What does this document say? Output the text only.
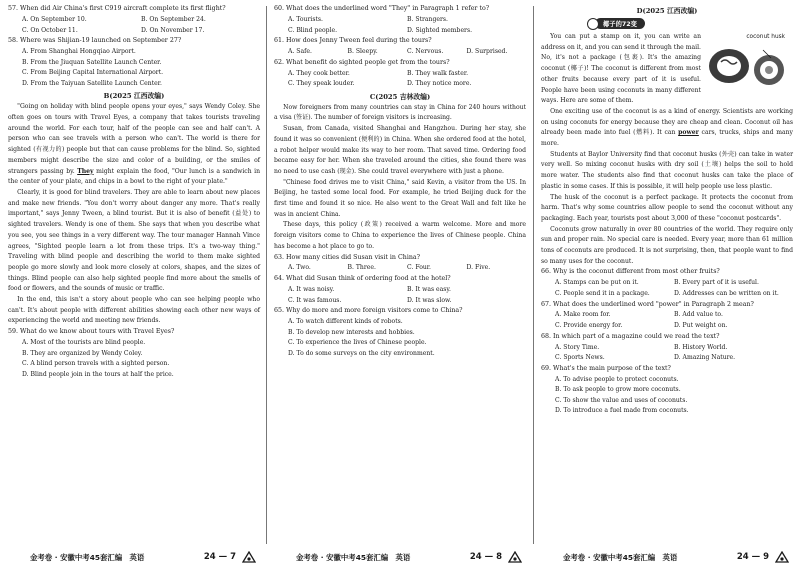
57. When did Air China's first C919 aircraft complete its first flight?

A. On September 10.	B. On September 24.
C. On October 11.	D. On November 17.

58. Where was Shijian-19 launched on September 27?

A. From Shanghai Hongqiao Airport.
B. From the Jiuquan Satellite Launch Center.
C. From Beijing Capital International Airport.
D. From the Taiyuan Satellite Launch Center.
B(2025 江西改编)

"Going on holiday with blind people opens your eyes," says Wendy Coley. She often goes on tours with Travel Eyes, a company that takes tourists traveling around the world. For each tour, half of the people can see and half can't. A person who can see travels with a person who can't. The world is there for sighted (有视力的) people but that can cause problems for the blind. So, sighted members might describe the size and color of a building, or the smiles of strangers passing by. They might explain the food, "Our lunch is a sandwich in the center of your plate, and chips in a bowl to the right of your plate."

Clearly, it is good for blind travelers. They are able to learn about new places and make new friends. "You don't worry about danger any more. That's really important," says Jenny Tween, a blind tourist. But it is also of benefit (益处) to sighted travelers. Wendy is one of them. She says that when you describe what you see, you see things in a very different way. The tour manager Hannah Vince agrees, "Sighted people learn a lot from these trips. It's a two-way thing." Traveling with blind people and describing the world to them make sighted people go more slowly and look more closely at colors, shapes, and the sizes of things. Blind people can also help sighted people find more about the smells of food or flowers, and the sounds of music or traffic.

In the end, this isn't a story about people who can see helping people who can't. It's about people with different abilities showing each other new ways of experiencing the world and meeting new friends.

59. What do we know about tours with Travel Eyes?

A. Most of the tourists are blind people.
B. They are organized by Wendy Coley.
C. A blind person travels with a sighted person.
D. Blind people join in the tours at half the price.
金考卷 · 安徽中考45套汇编　英语	24 — 7

60. What does the underlined word "They" in Paragraph 1 refer to?

A. Tourists.	B. Strangers.
C. Blind people.	D. Sighted members.

61. How does Jenny Tween feel during the tours?

A. Safe.	B. Sleepy.	C. Nervous.	D. Surprised.

62. What benefit do sighted people get from the tours?

A. They cook better.	B. They walk faster.
C. They speak louder.	D. They notice more.
C(2025 吉林改编)

Now foreigners from many countries can stay in China for 240 hours without a visa (签证). The number of foreign visitors is increasing.

Susan, from Canada, visited Shanghai and Hangzhou. During her stay, she found it was so convenient (便利的) in China. When she ordered food at the hotel, a robot helper would make its way to her room. That saved time. Ordering food became easy for her. When she traveled around the cities, she found there was no need to use cash (现金). She could travel everywhere with just a phone.

"Chinese food drives me to visit China," said Kevin, a visitor from the US. In Beijing, he tasted some local food. For example, he tried Beijing duck for the first time and found it so nice. He also went to the Great Wall and felt like he was in ancient China.

These days, this policy (政策) received a warm welcome. More and more foreign visitors come to China to experience the lives of Chinese people. China has become a hot place to go to.

63. How many cities did Susan visit in China?

A. Two.	B. Three.	C. Four.	D. Five.

64. What did Susan think of ordering food at the hotel?

A. It was noisy.	B. It was easy.
C. It was famous.	D. It was slow.

65. Why do more and more foreign visitors come to China?

A. To watch different kinds of robots.
B. To develop new interests and hobbies.
C. To experience the lives of Chinese people.
D. To do some surveys on the city environment.
金考卷 · 安徽中考45套汇编　英语	24 — 8
D(2025 江西改编)
椰子的72变
coconut husk

You can put a stamp on it, you can write an address on it, and you can send it through the mail. No, it's not a package (包裹). It's the amazing coconut (椰子)! The coconut is different from most other fruits because every part of it is useful. People have been using coconuts in many different ways. Here are some of them.

One exciting use of the coconut is as a kind of energy. Scientists are working on using coconuts for energy because they are cheap and clean. Coconut oil has already been made into fuel (燃料). It can power cars, trucks, ships and many more.

Students at Baylor University find that coconut husks (外壳) can take in water very well. So mixing coconut husks with dry soil (土壤) helps the soil to hold more water. The students also find that coconut husks can take the place of plastic in some cases. If this is possible, it will help people use less plastic.

The husk of the coconut is a perfect package. It protects the coconut from harm. That's why some countries allow people to send the coconut without any packaging. Each year, tourists post about 3,000 of these "coconut postcards".

Coconuts grow naturally in over 80 countries of the world. They require only sun and proper rain. No special care is needed. Every year, more than 61 million tons of coconuts are produced. It is not surprising, then, that people want to find so many uses for the coconut.

66. Why is the coconut different from most other fruits?

A. Stamps can be put on it.	B. Every part of it is useful.
C. People send it in a package.	D. Addresses can be written on it.

67. What does the underlined word "power" in Paragraph 2 mean?

A. Make room for.	B. Add value to.
C. Provide energy for.	D. Put weight on.

68. In which part of a magazine could we read the text?

A. Story Time.	B. History World.
C. Sports News.	D. Amazing Nature.

69. What's the main purpose of the text?

A. To advise people to protect coconuts.
B. To ask people to grow more coconuts.
C. To show the value and uses of coconuts.
D. To introduce a fuel made from coconuts.
金考卷 · 安徽中考45套汇编　英语	24 — 9
